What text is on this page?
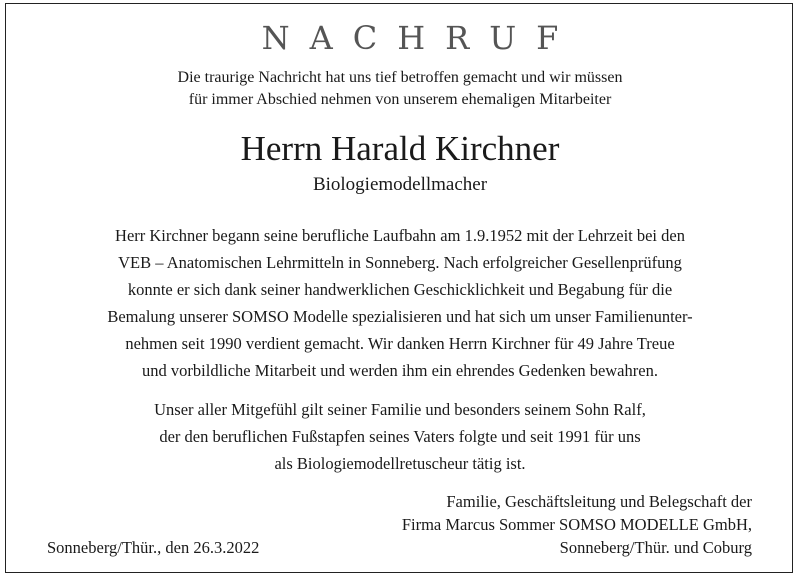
NACHRUF
Die traurige Nachricht hat uns tief betroffen gemacht und wir müssen
für immer Abschied nehmen von unserem ehemaligen Mitarbeiter
Herrn Harald Kirchner
Biologiemodellmacher
Herr Kirchner begann seine berufliche Laufbahn am 1.9.1952 mit der Lehrzeit bei den
VEB – Anatomischen Lehrmitteln in Sonneberg. Nach erfolgreicher Gesellenprüfung
konnte er sich dank seiner handwerklichen Geschicklichkeit und Begabung für die
Bemalung unserer SOMSO Modelle spezialisieren und hat sich um unser Familienunter-
nehmen seit 1990 verdient gemacht. Wir danken Herrn Kirchner für 49 Jahre Treue
und vorbildliche Mitarbeit und werden ihm ein ehrendes Gedenken bewahren.
Unser aller Mitgefühl gilt seiner Familie und besonders seinem Sohn Ralf,
der den beruflichen Fußstapfen seines Vaters folgte und seit 1991 für uns
als Biologiemodellretuscheur tätig ist.
Familie, Geschäftsleitung und Belegschaft der
Firma Marcus Sommer SOMSO MODELLE GmbH,
Sonneberg/Thür. und Coburg
Sonneberg/Thür., den 26.3.2022
